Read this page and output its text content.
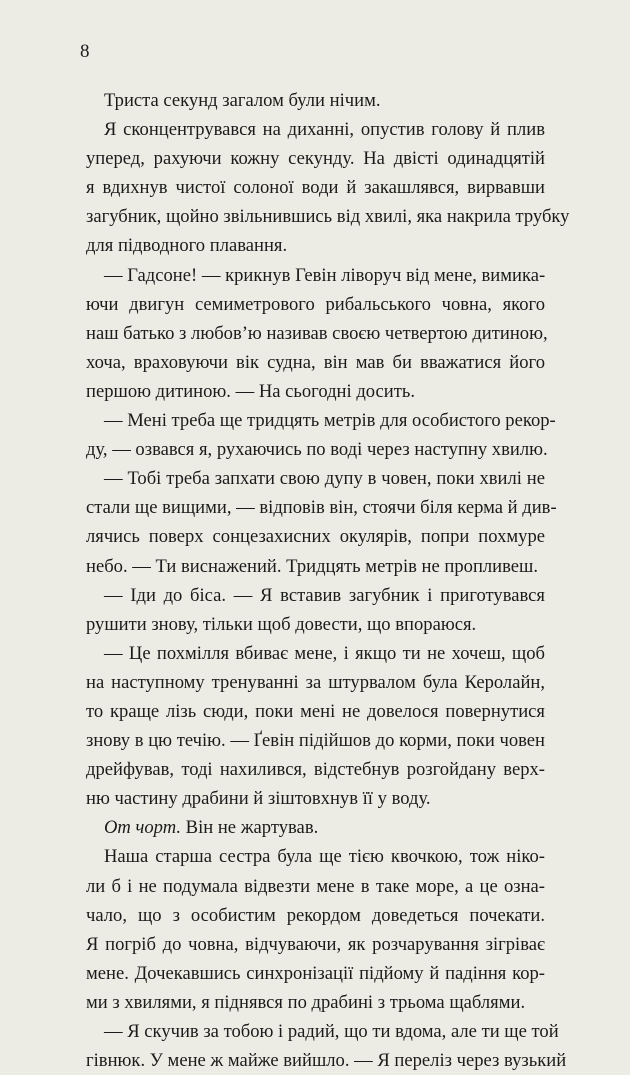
8
Триста секунд загалом були нічим.
Я сконцентрувався на диханні, опустив голову й плив
уперед, рахуючи кожну секунду. На двісті одинадцятій
я вдихнув чистої солоної води й закашлявся, вирвавши
загубник, щойно звільнившись від хвилі, яка накрила трубку
для підводного плавання.
— Гадсоне! — крикнув Гевін ліворуч від мене, вимика-
ючи двигун семиметрового рибальського човна, якого
наш батько з любов’ю називав своєю четвертою дитиною,
хоча, враховуючи вік судна, він мав би вважатися його
першою дитиною. — На сьогодні досить.
— Мені треба ще тридцять метрів для особистого рекор-
ду, — озвався я, рухаючись по воді через наступну хвилю.
— Тобі треба запхати свою дупу в човен, поки хвилі не
стали ще вищими, — відповів він, стоячи біля керма й див-
лячись поверх сонцезахисних окулярів, попри похмуре
небо. — Ти виснажений. Тридцять метрів не пропливеш.
— Іди до біса. — Я вставив загубник і приготувався
рушити знову, тільки щоб довести, що впораюся.
— Це похмілля вбиває мене, і якщо ти не хочеш, щоб
на наступному тренуванні за штурвалом була Керолайн,
то краще лізь сюди, поки мені не довелося повернутися
знову в цю течію. — Ґевін підійшов до корми, поки човен
дрейфував, тоді нахилився, відстебнув розгойдану верх-
ню частину драбини й зіштовхнув її у воду.
От чорт. Він не жартував.
Наша старша сестра була ще тією квочкою, тож ніко-
ли б і не подумала відвезти мене в таке море, а це озна-
чало, що з особистим рекордом доведеться почекати.
Я погріб до човна, відчуваючи, як розчарування зігріває
мене. Дочекавшись синхронізації підйому й падіння кор-
ми з хвилями, я піднявся по драбині з трьома щаблями.
— Я скучив за тобою і радий, що ти вдома, але ти ще той
гівнюк. У мене ж майже вийшло. — Я переліз через вузький
